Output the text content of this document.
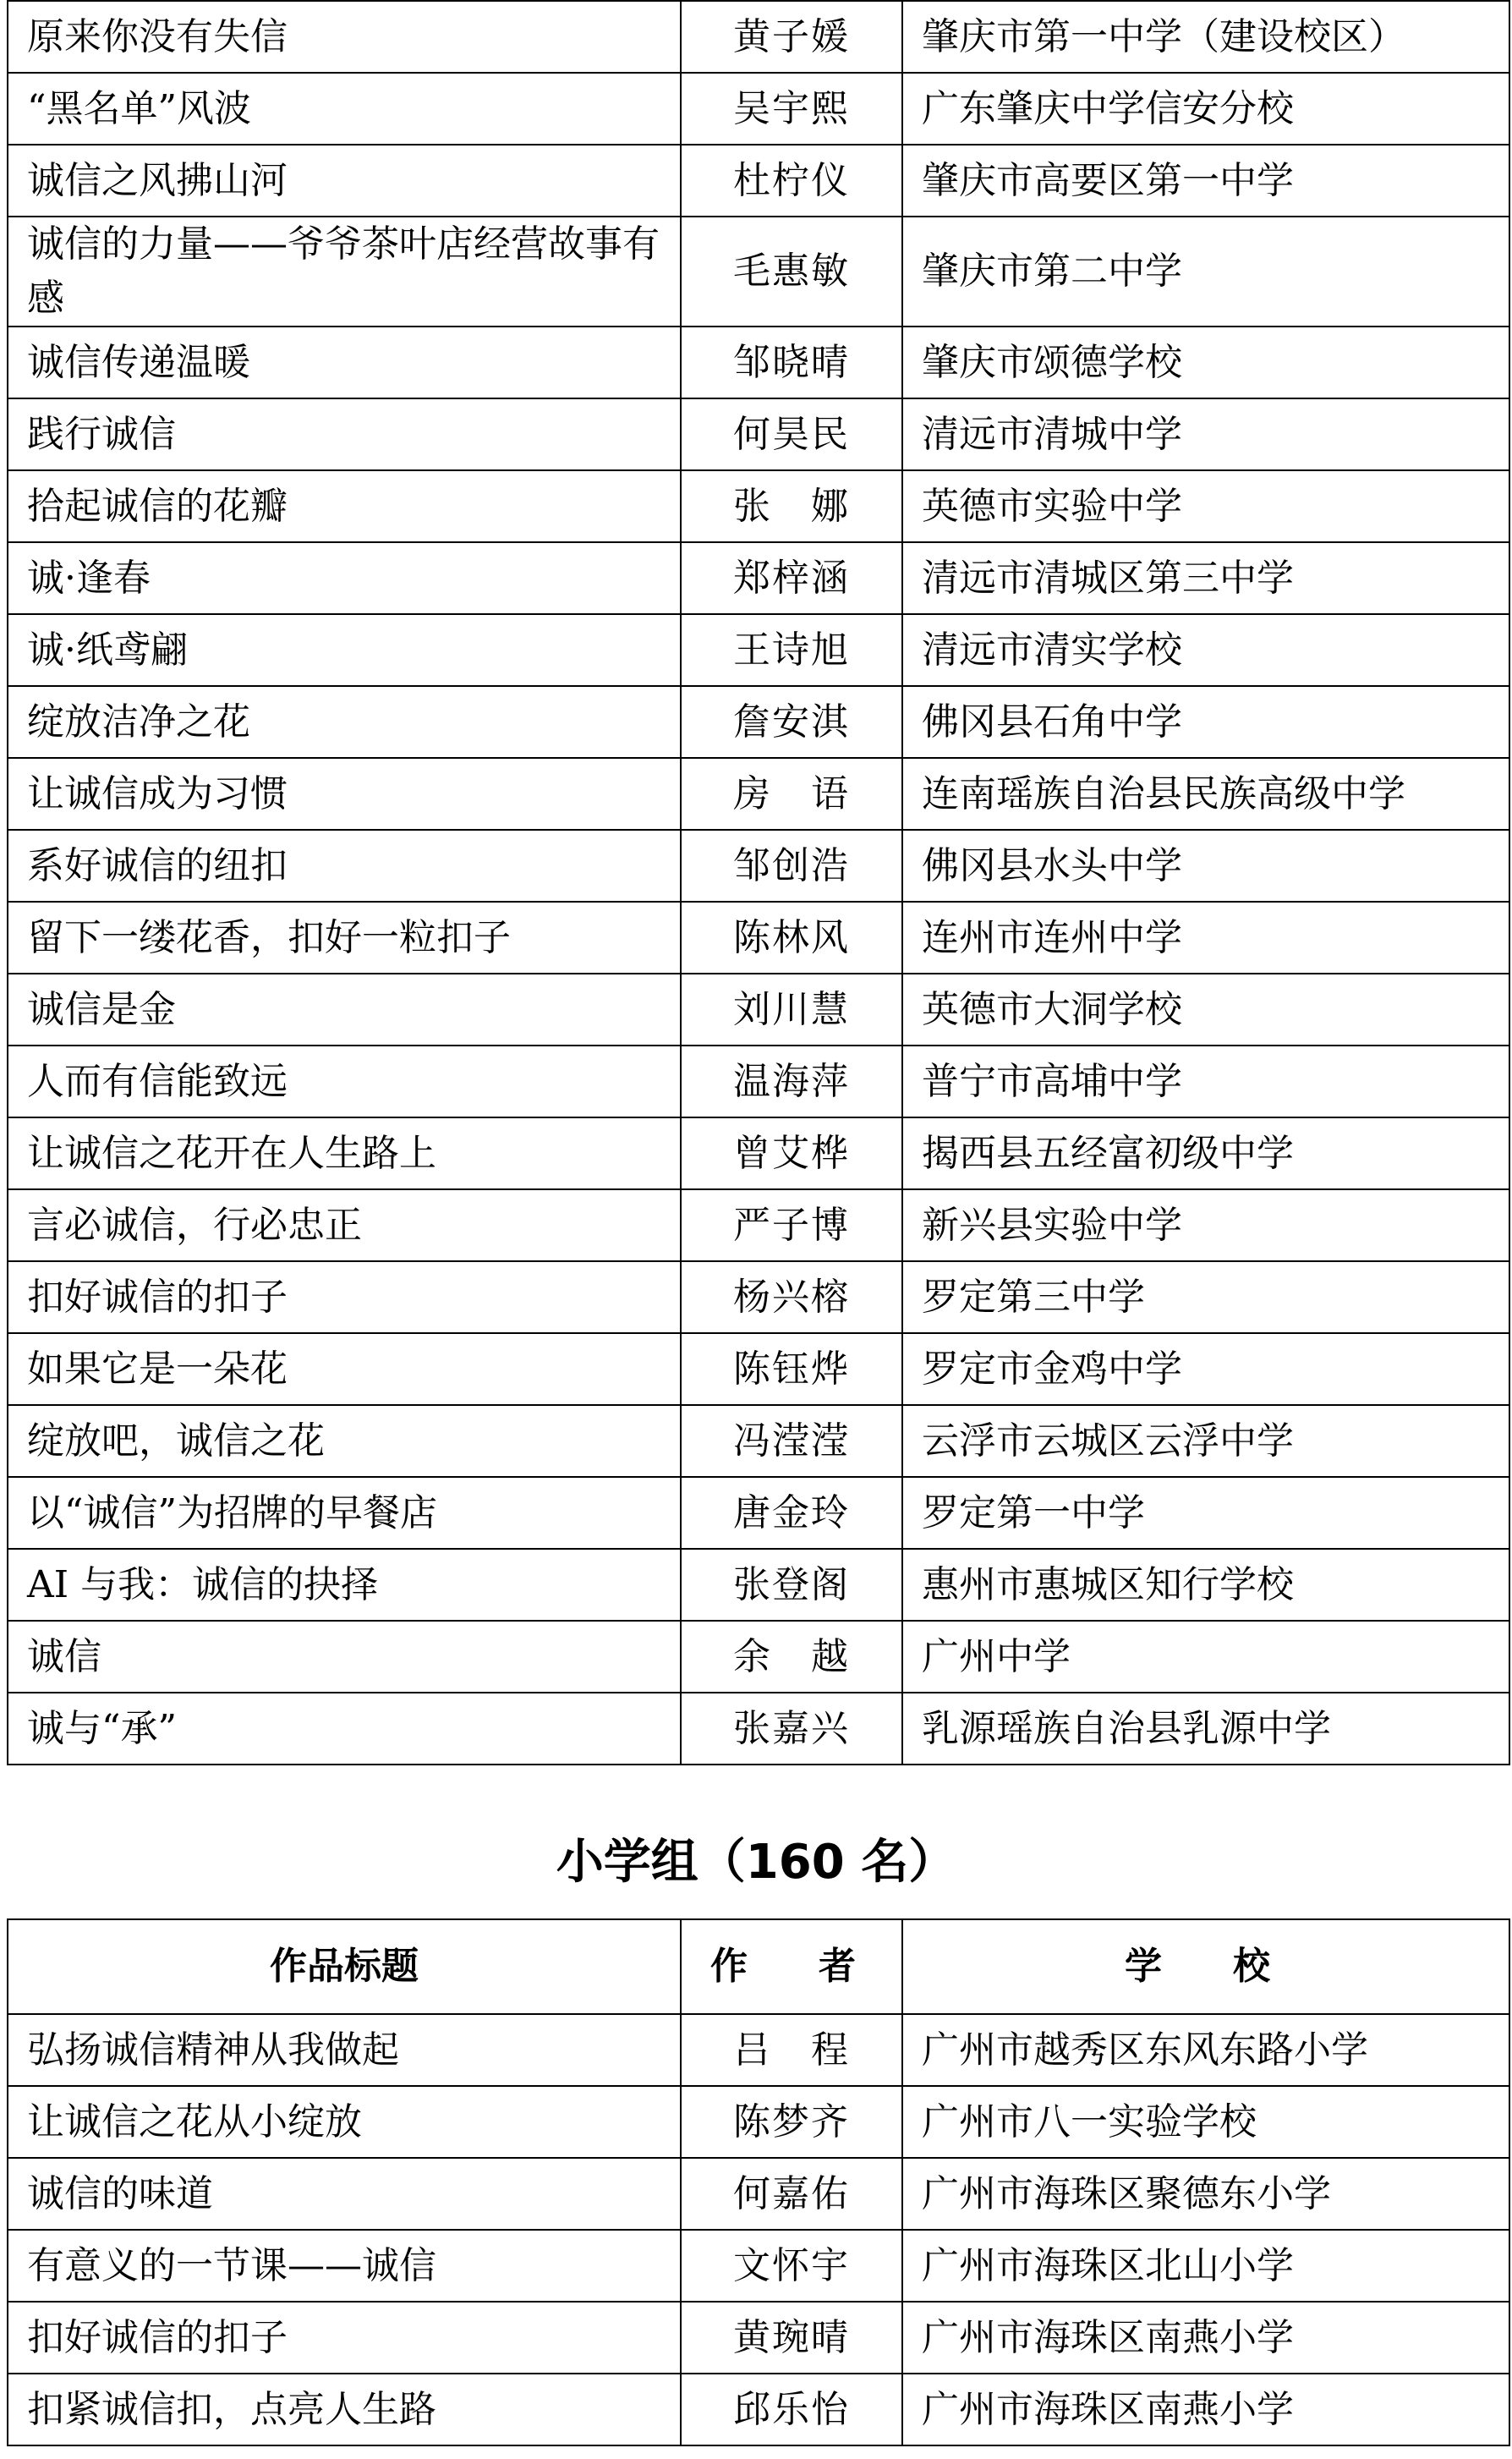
原来你没有失信	黄子媛	肇庆市第一中学（建设校区）
“黑名单”风波	吴宇熙	广东肇庆中学信安分校
诚信之风拂山河	杜柠仪	肇庆市高要区第一中学
诚信的力量——爷爷茶叶店经营故事有感	毛惠敏	肇庆市第二中学
诚信传递温暖	邹晓晴	肇庆市颂德学校
践行诚信	何昊民	清远市清城中学
拾起诚信的花瓣	张　娜	英德市实验中学
诚·逢春	郑梓涵	清远市清城区第三中学
诚·纸鸢翩	王诗旭	清远市清实学校
绽放洁净之花	詹安淇	佛冈县石角中学
让诚信成为习惯	房　语	连南瑶族自治县民族高级中学
系好诚信的纽扣	邹创浩	佛冈县水头中学
留下一缕花香，扣好一粒扣子	陈林风	连州市连州中学
诚信是金	刘川慧	英德市大洞学校
人而有信能致远	温海萍	普宁市高埔中学
让诚信之花开在人生路上	曾艾桦	揭西县五经富初级中学
言必诚信，行必忠正	严子博	新兴县实验中学
扣好诚信的扣子	杨兴榕	罗定第三中学
如果它是一朵花	陈钰烨	罗定市金鸡中学
绽放吧，诚信之花	冯滢滢	云浮市云城区云浮中学
以“诚信”为招牌的早餐店	唐金玲	罗定第一中学
AI 与我：诚信的抉择	张登阁	惠州市惠城区知行学校
诚信	余　越	广州中学
诚与“承”	张嘉兴	乳源瑶族自治县乳源中学
小学组（160 名）
作品标题	作　者	学　校
弘扬诚信精神从我做起	吕　程	广州市越秀区东风东路小学
让诚信之花从小绽放	陈梦齐	广州市八一实验学校
诚信的味道	何嘉佑	广州市海珠区聚德东小学
有意义的一节课——诚信	文怀宇	广州市海珠区北山小学
扣好诚信的扣子	黄琬晴	广州市海珠区南燕小学
扣紧诚信扣，点亮人生路	邱乐怡	广州市海珠区南燕小学
